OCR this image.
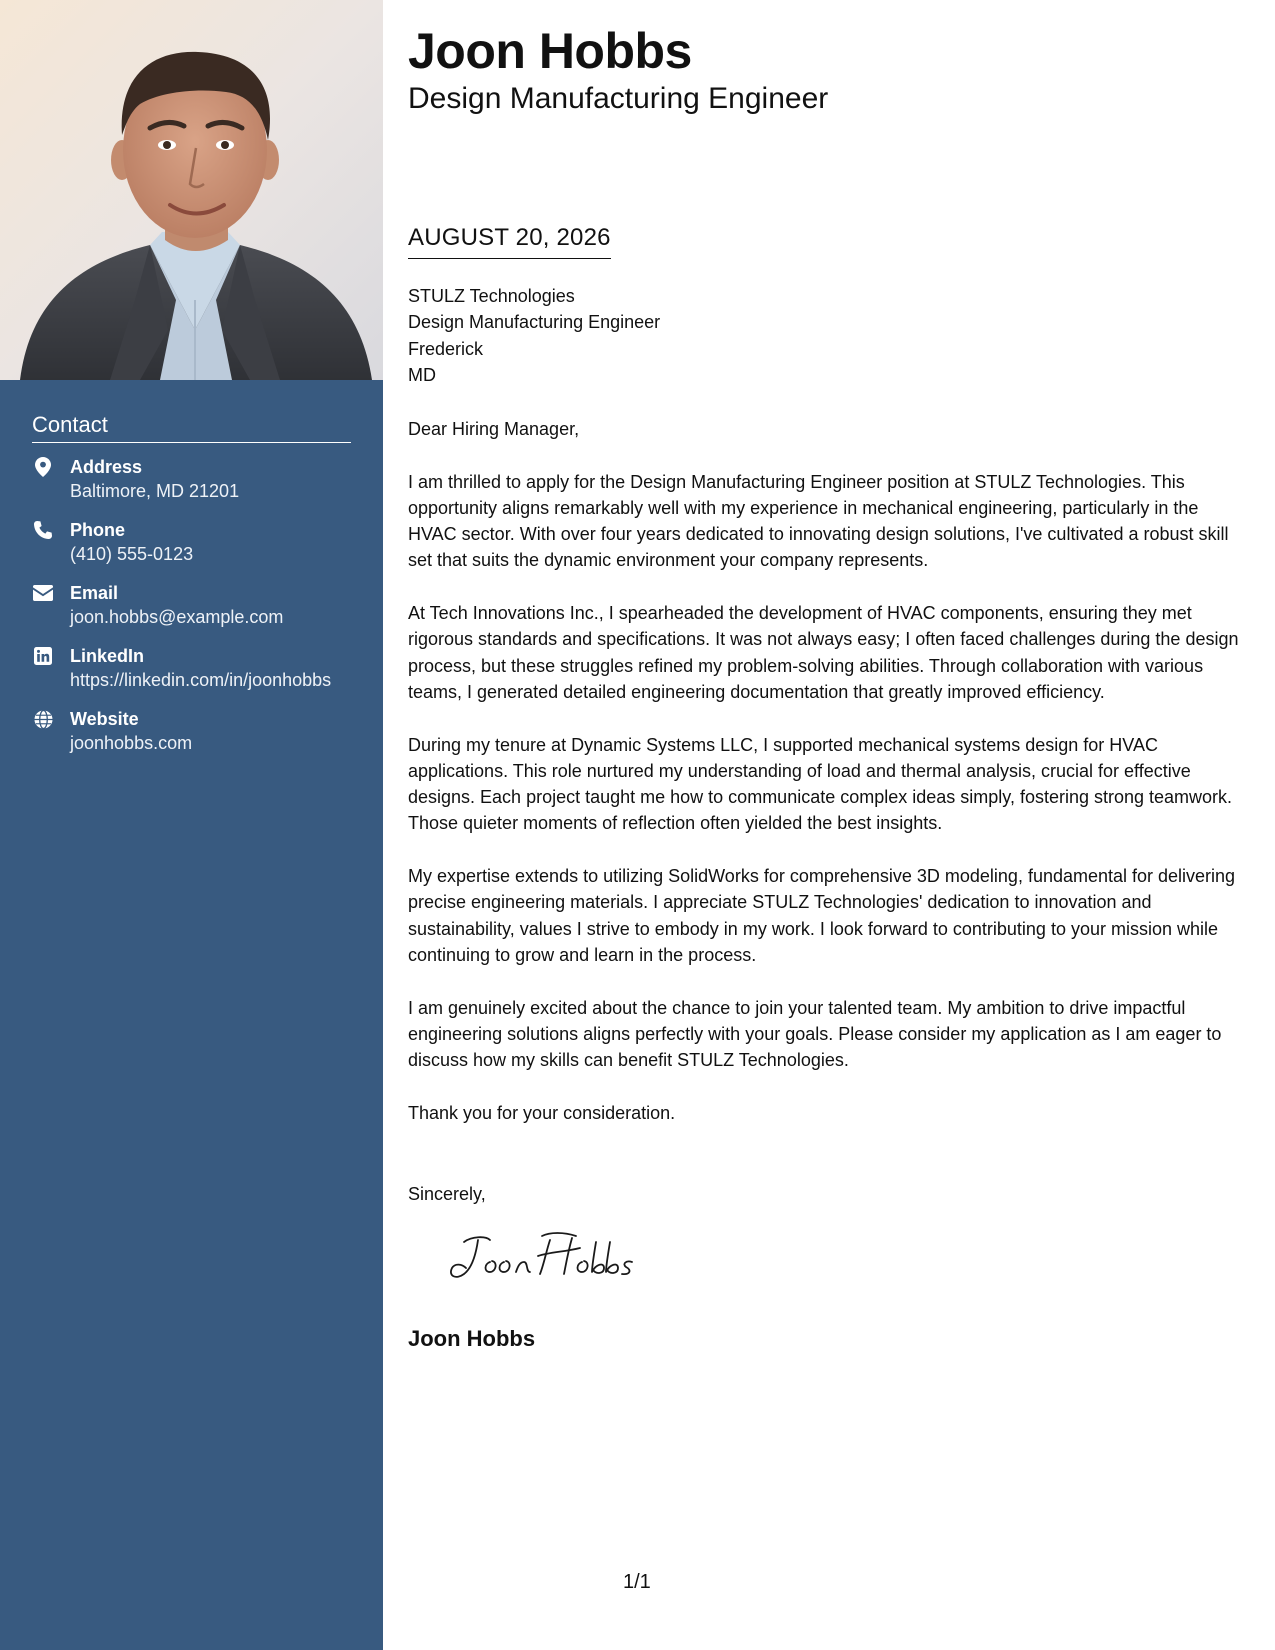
Contact
Address
Baltimore, MD 21201
Phone
(410) 555-0123
Email
joon.hobbs@example.com
LinkedIn
https://linkedin.com/in/joonhobbs
Website
joonhobbs.com
Joon Hobbs
Design Manufacturing Engineer
AUGUST 20, 2026
STULZ Technologies
Design Manufacturing Engineer
Frederick
MD

Dear Hiring Manager,

I am thrilled to apply for the Design Manufacturing Engineer position at STULZ Technologies. This opportunity aligns remarkably well with my experience in mechanical engineering, particularly in the HVAC sector. With over four years dedicated to innovating design solutions, I've cultivated a robust skill set that suits the dynamic environment your company represents.

At Tech Innovations Inc., I spearheaded the development of HVAC components, ensuring they met rigorous standards and specifications. It was not always easy; I often faced challenges during the design process, but these struggles refined my problem-solving abilities. Through collaboration with various teams, I generated detailed engineering documentation that greatly improved efficiency.

During my tenure at Dynamic Systems LLC, I supported mechanical systems design for HVAC applications. This role nurtured my understanding of load and thermal analysis, crucial for effective designs. Each project taught me how to communicate complex ideas simply, fostering strong teamwork. Those quieter moments of reflection often yielded the best insights.

My expertise extends to utilizing SolidWorks for comprehensive 3D modeling, fundamental for delivering precise engineering materials. I appreciate STULZ Technologies' dedication to innovation and sustainability, values I strive to embody in my work. I look forward to contributing to your mission while continuing to grow and learn in the process.

I am genuinely excited about the chance to join your talented team. My ambition to drive impactful engineering solutions aligns perfectly with your goals. Please consider my application as I am eager to discuss how my skills can benefit STULZ Technologies.

Thank you for your consideration.

Sincerely,
Joon Hobbs
1/1
